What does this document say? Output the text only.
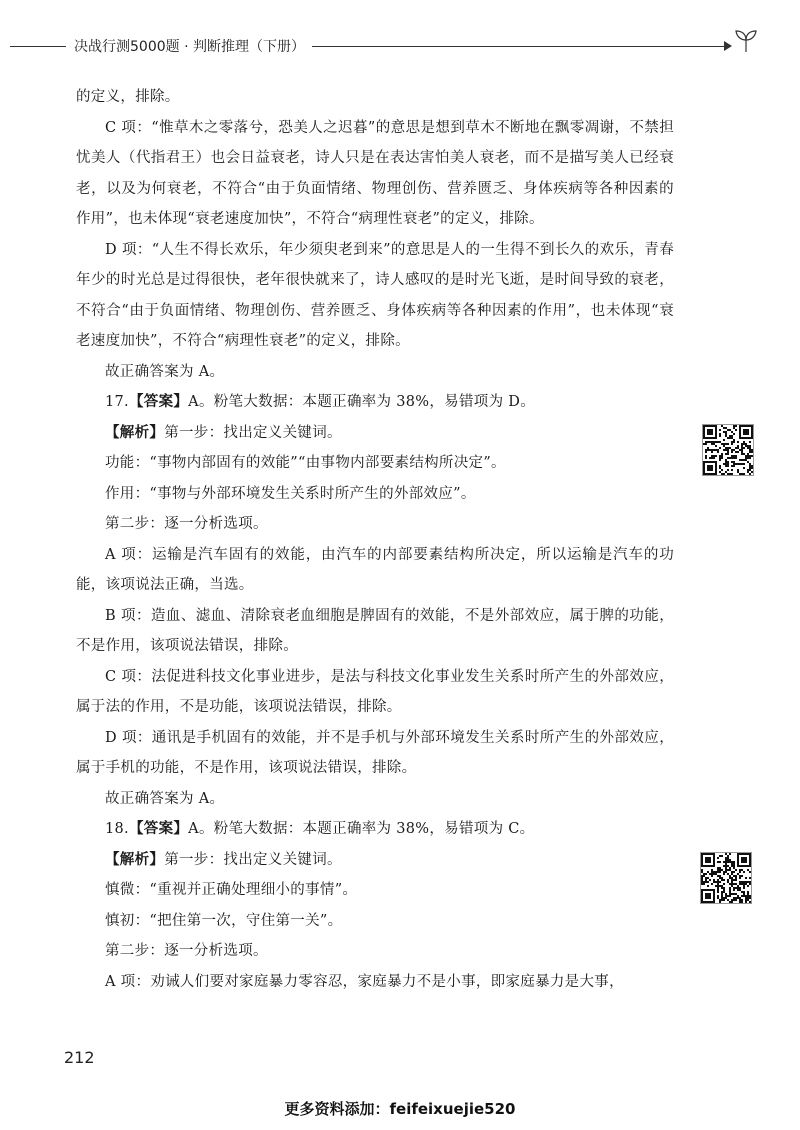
决战行测5000题 · 判断推理（下册）

的定义，排除。

C 项：“惟草木之零落兮，恐美人之迟暮”的意思是想到草木不断地在飘零凋谢，不禁担忧美人（代指君王）也会日益衰老，诗人只是在表达害怕美人衰老，而不是描写美人已经衰老，以及为何衰老，不符合“由于负面情绪、物理创伤、营养匮乏、身体疾病等各种因素的作用”，也未体现“衰老速度加快”，不符合“病理性衰老”的定义，排除。

D 项：“人生不得长欢乐，年少须臾老到来”的意思是人的一生得不到长久的欢乐，青春年少的时光总是过得很快，老年很快就来了，诗人感叹的是时光飞逝，是时间导致的衰老，不符合“由于负面情绪、物理创伤、营养匮乏、身体疾病等各种因素的作用”，也未体现“衰老速度加快”，不符合“病理性衰老”的定义，排除。

故正确答案为 A。

17.【答案】A。粉笔大数据：本题正确率为 38%，易错项为 D。

【解析】第一步：找出定义关键词。

功能：“事物内部固有的效能”“由事物内部要素结构所决定”。

作用：“事物与外部环境发生关系时所产生的外部效应”。

第二步：逐一分析选项。

A 项：运输是汽车固有的效能，由汽车的内部要素结构所决定，所以运输是汽车的功能，该项说法正确，当选。

B 项：造血、滤血、清除衰老血细胞是脾固有的效能，不是外部效应，属于脾的功能，不是作用，该项说法错误，排除。

C 项：法促进科技文化事业进步，是法与科技文化事业发生关系时所产生的外部效应，属于法的作用，不是功能，该项说法错误，排除。

D 项：通讯是手机固有的效能，并不是手机与外部环境发生关系时所产生的外部效应，属于手机的功能，不是作用，该项说法错误，排除。

故正确答案为 A。

18.【答案】A。粉笔大数据：本题正确率为 38%，易错项为 C。

【解析】第一步：找出定义关键词。

慎微：“重视并正确处理细小的事情”。

慎初：“把住第一次，守住第一关”。

第二步：逐一分析选项。

A 项：劝诫人们要对家庭暴力零容忍，家庭暴力不是小事，即家庭暴力是大事，

212
更多资料添加：feifeixuejie520
